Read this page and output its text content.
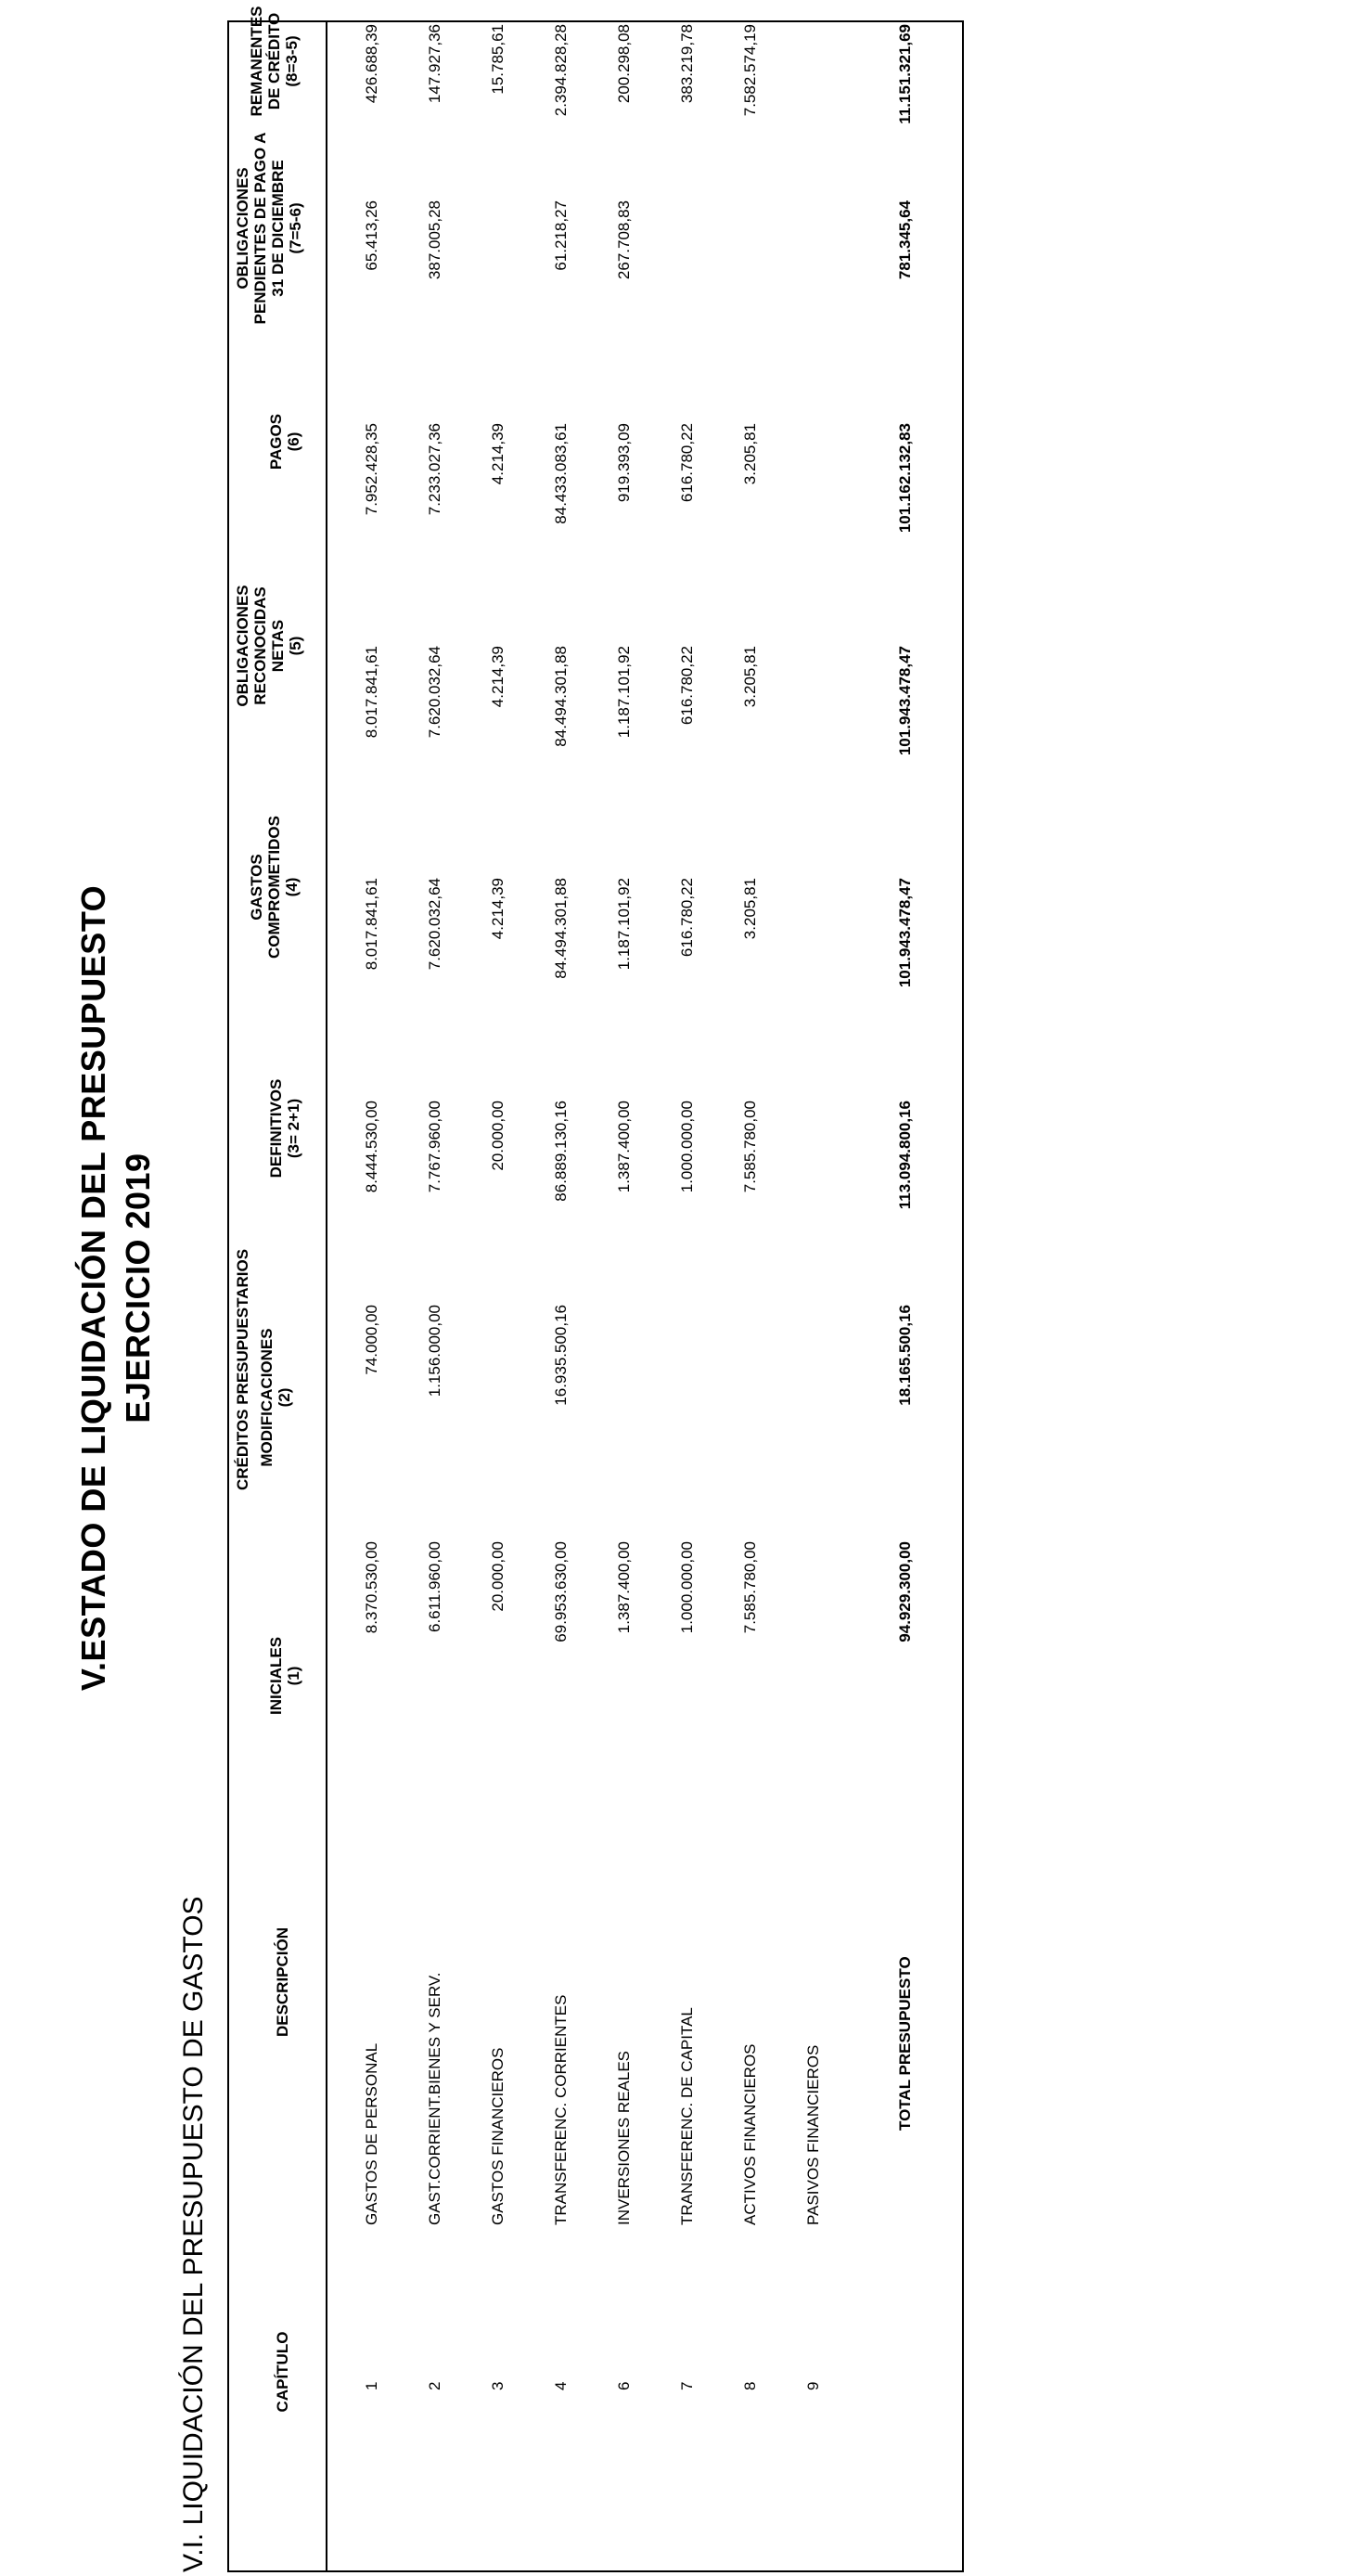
V.ESTADO DE LIQUIDACIÓN DEL PRESUPUESTO EJERCICIO 2019
V.I. LIQUIDACIÓN DEL PRESUPUESTO DE GASTOS	CAPÍTULO
DESCRIPCIÓN
CRÉDITOS PRESUPUESTARIOS
INICIALES
(1)
MODIFICACIONES
(2)
DEFINITIVOS
(3= 2+1)
GASTOS
COMPROMETIDOS
(4)
OBLIGACIONES
RECONOCIDAS
NETAS
(5)
PAGOS
(6)
OBLIGACIONES
PENDIENTES DE PAGO A
31 DE DICIEMBRE
(7=5-6)
REMANENTES
DE CRÉDITO
(8=3-5)
1
GASTOS DE PERSONAL
8.370.530,00
74.000,00
8.444.530,00
8.017.841,61
8.017.841,61
7.952.428,35
65.413,26
426.688,39
2
GAST.CORRIENT.BIENES Y SERV.
6.611.960,00
1.156.000,00
7.767.960,00
7.620.032,64
7.620.032,64
7.233.027,36
387.005,28
147.927,36
3
GASTOS FINANCIEROS
20.000,00
20.000,00
4.214,39
4.214,39
4.214,39
15.785,61
4
TRANSFERENC. CORRIENTES
69.953.630,00
16.935.500,16
86.889.130,16
84.494.301,88
84.494.301,88
84.433.083,61
61.218,27
2.394.828,28
6
INVERSIONES REALES
1.387.400,00
1.387.400,00
1.187.101,92
1.187.101,92
919.393,09
267.708,83
200.298,08
7
TRANSFERENC. DE CAPITAL
1.000.000,00
1.000.000,00
616.780,22
616.780,22
616.780,22
383.219,78
8
ACTIVOS FINANCIEROS
7.585.780,00
7.585.780,00
3.205,81
3.205,81
3.205,81
7.582.574,19
9
PASIVOS FINANCIEROS
TOTAL PRESUPUESTO
94.929.300,00
18.165.500,16
113.094.800,16
101.943.478,47
101.943.478,47
101.162.132,83
781.345,64
11.151.321,69
